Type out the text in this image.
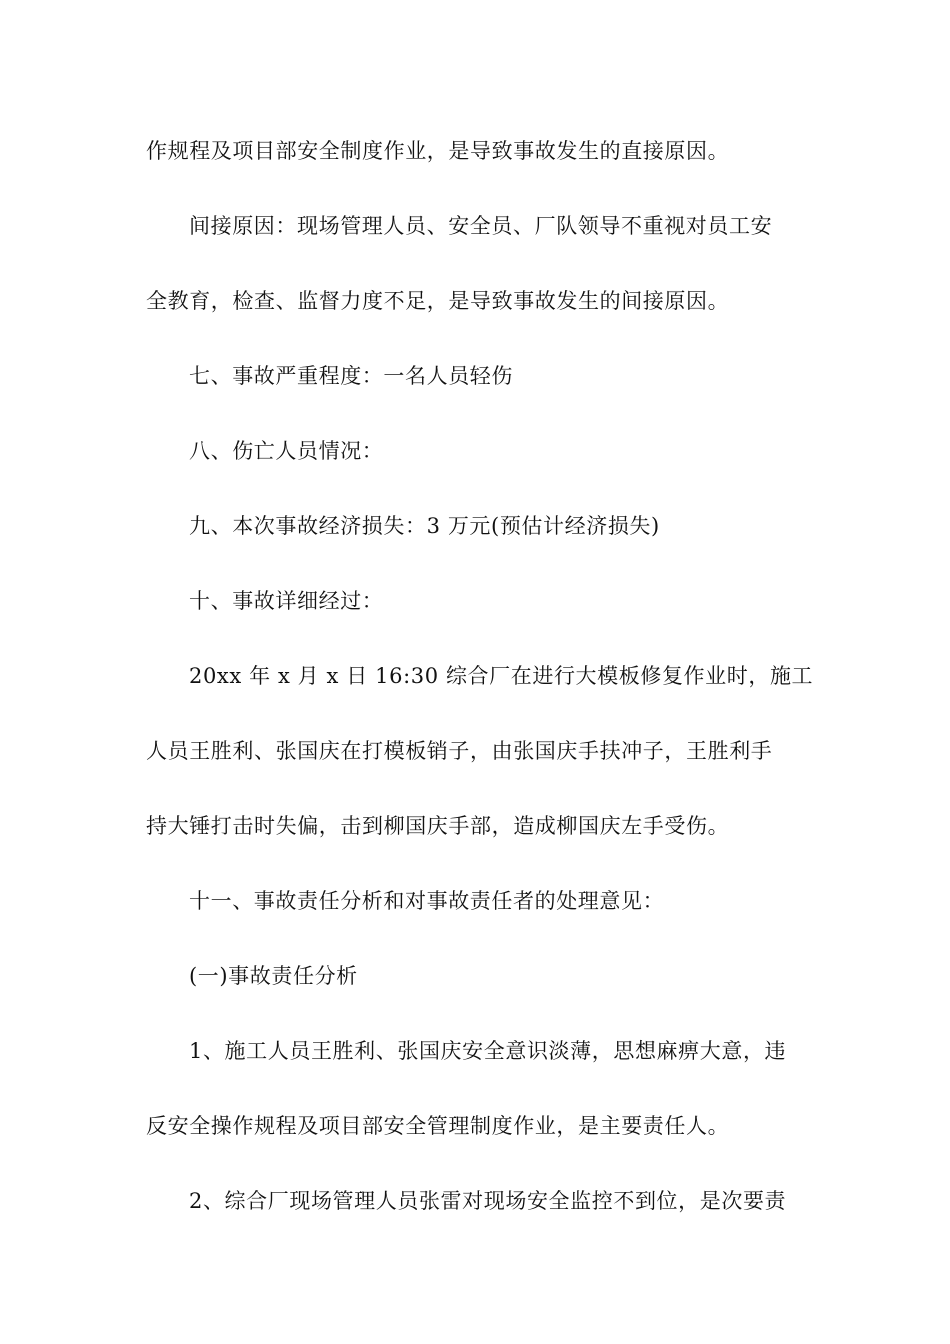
作规程及项目部安全制度作业，是导致事故发生的直接原因。
间接原因：现场管理人员、安全员、厂队领导不重视对员工安
全教育，检查、监督力度不足，是导致事故发生的间接原因。
七、事故严重程度：一名人员轻伤
八、伤亡人员情况：
九、本次事故经济损失：3 万元(预估计经济损失)
十、事故详细经过：
20xx 年 x 月 x 日 16:30 综合厂在进行大模板修复作业时，施工
人员王胜利、张国庆在打模板销子，由张国庆手扶冲子，王胜利手
持大锤打击时失偏，击到柳国庆手部，造成柳国庆左手受伤。
十一、事故责任分析和对事故责任者的处理意见：
(一)事故责任分析
1、施工人员王胜利、张国庆安全意识淡薄，思想麻痹大意，违
反安全操作规程及项目部安全管理制度作业，是主要责任人。
2、综合厂现场管理人员张雷对现场安全监控不到位，是次要责
